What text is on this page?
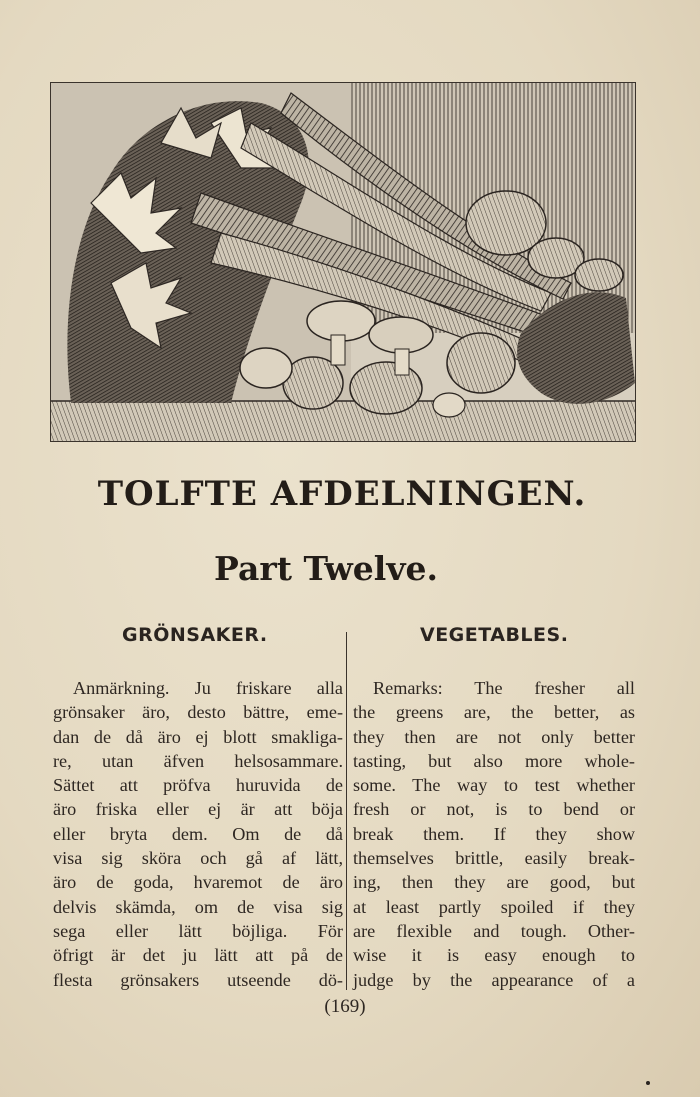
TOLFTE AFDELNINGEN.
Part Twelve.
GRÖNSAKER.	VEGETABLES.
Anmärkning. Ju friskare alla
grönsaker äro, desto bättre, eme-
dan de då äro ej blott smakliga-
re, utan äfven helsosammare.
Sättet att pröfva huruvida de
äro friska eller ej är att böja
eller bryta dem. Om de då
visa sig sköra och gå af lätt,
äro de goda, hvaremot de äro
delvis skämda, om de visa sig
sega eller lätt böjliga. För
öfrigt är det ju lätt att på de
flesta grönsakers utseende dö-
Remarks: The fresher all
the greens are, the better, as
they then are not only better
tasting, but also more whole-
some. The way to test whether
fresh or not, is to bend or
break them. If they show
themselves brittle, easily break-
ing, then they are good, but
at least partly spoiled if they
are flexible and tough. Other-
wise it is easy enough to
judge by the appearance of a
(169)
